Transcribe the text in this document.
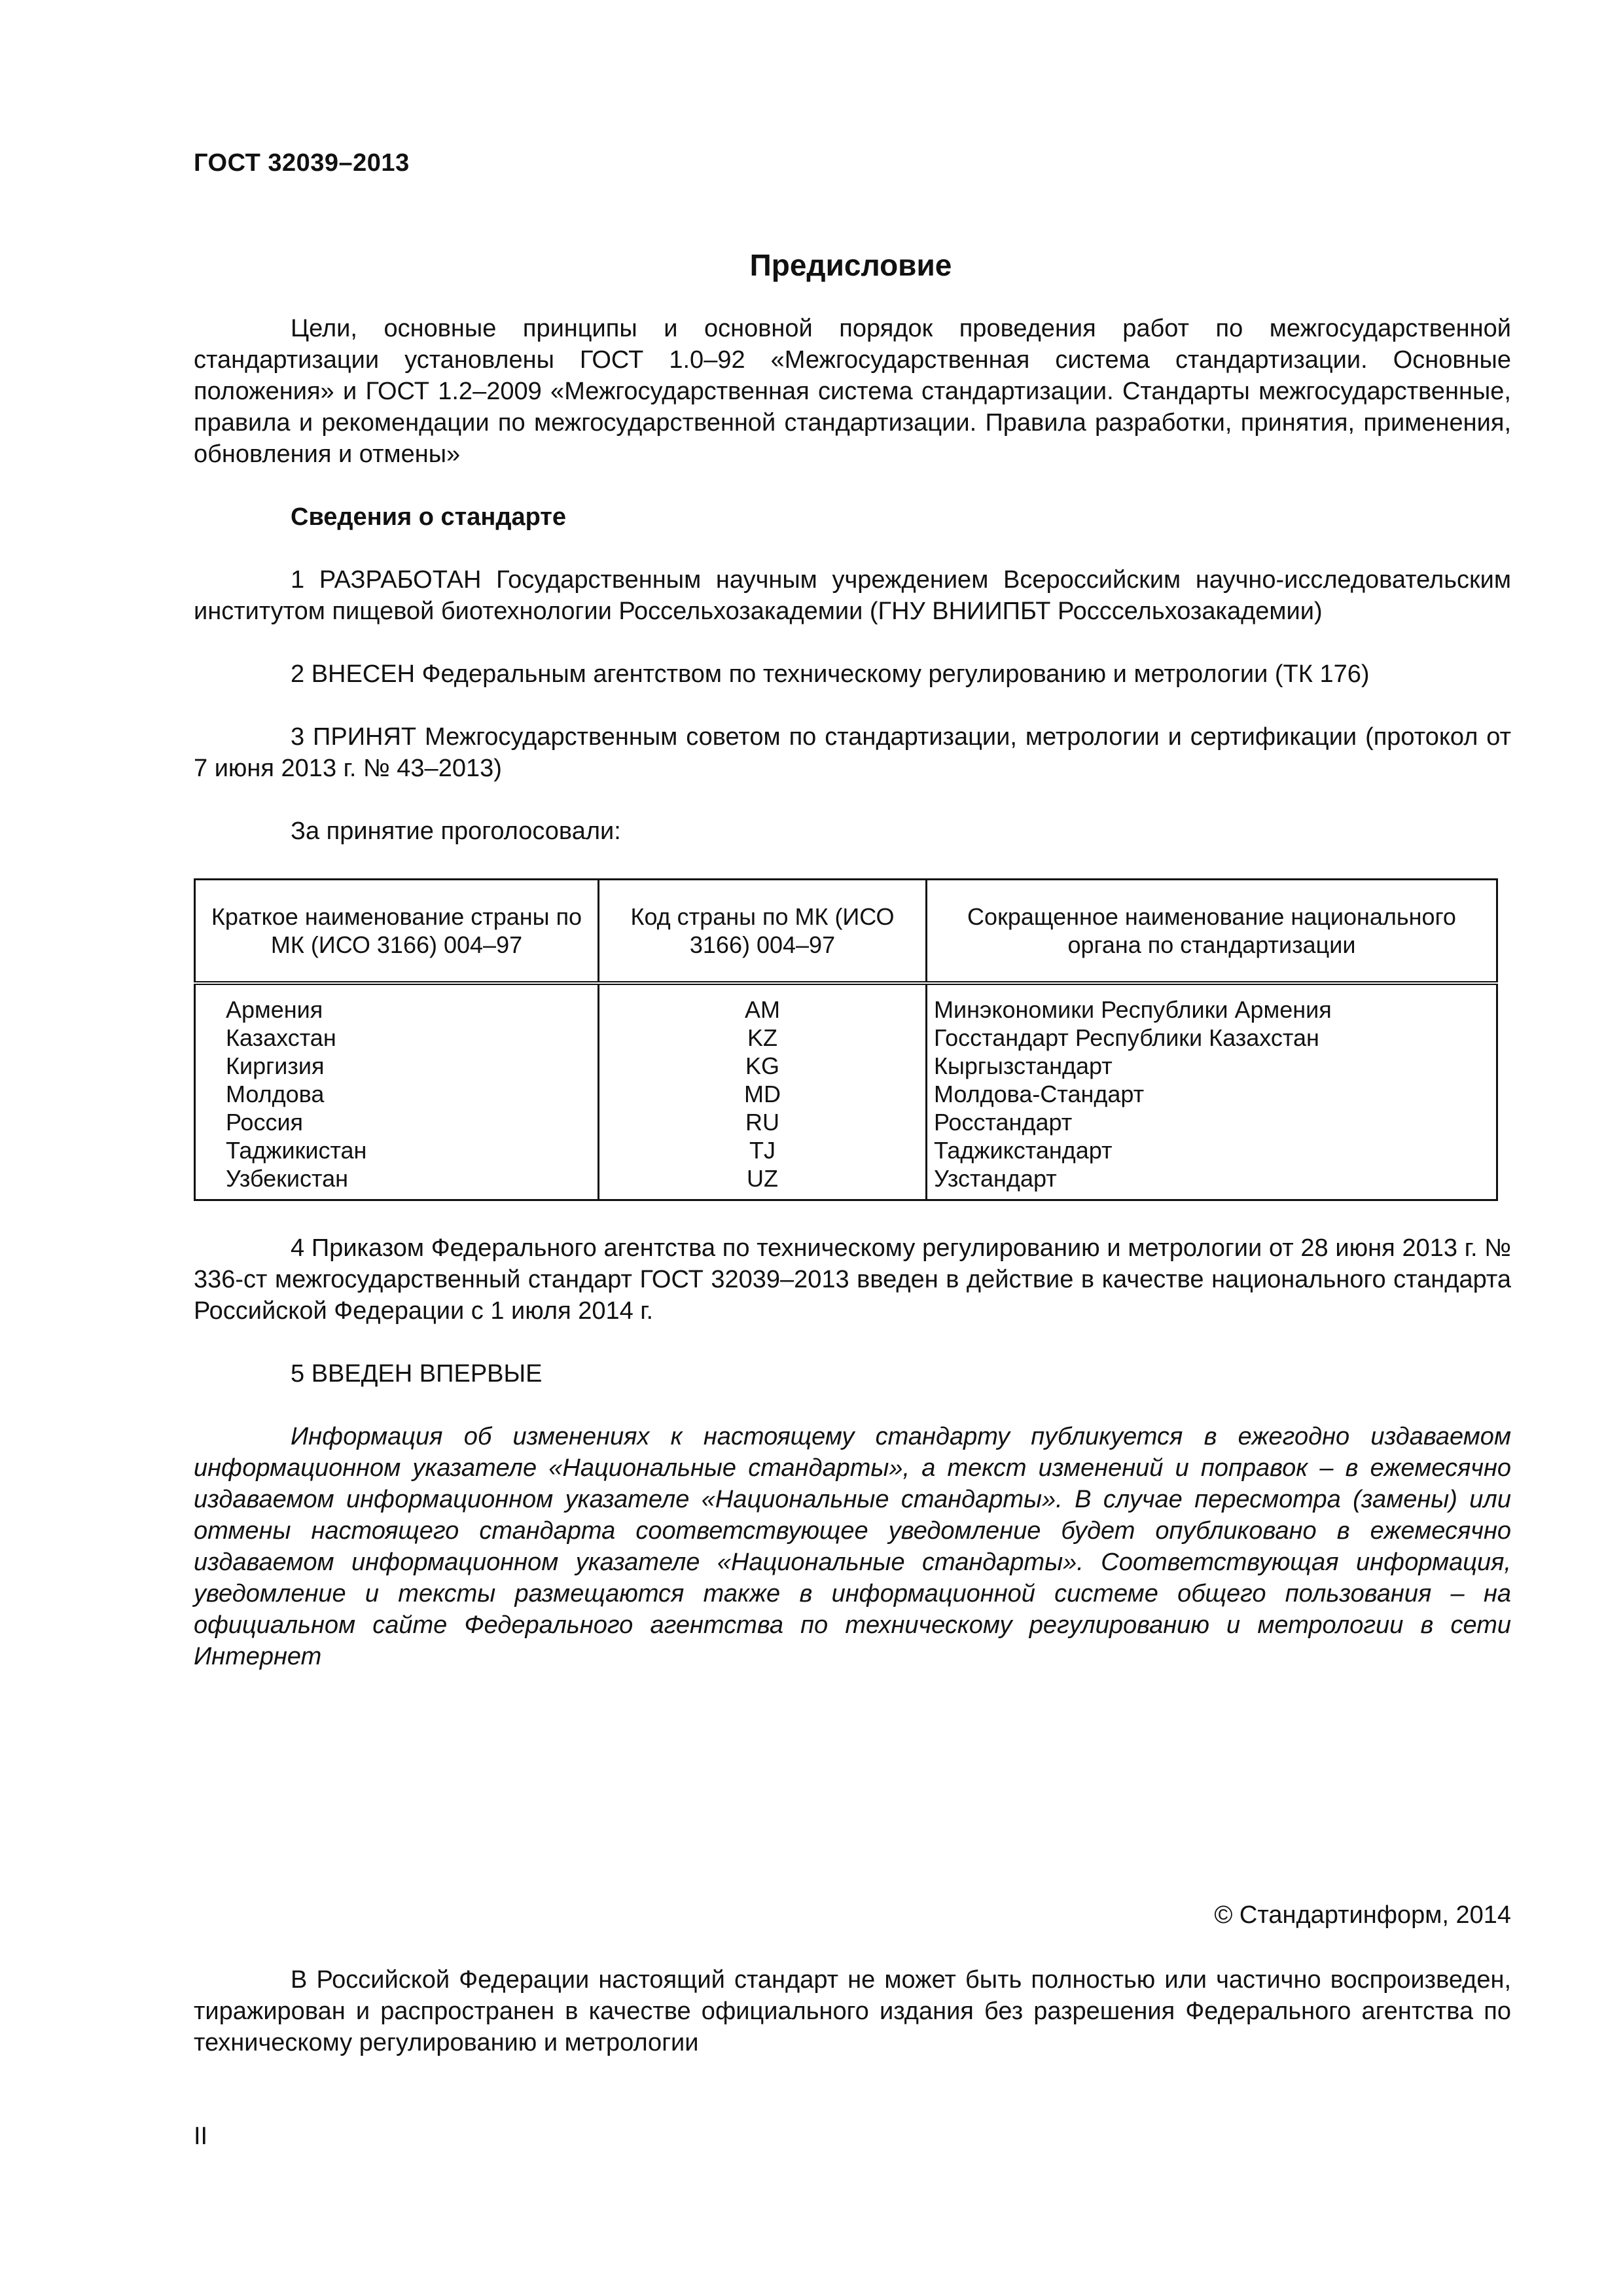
ГОСТ 32039–2013
Предисловие

Цели, основные принципы и основной порядок проведения работ по межгосударственной стандартизации установлены ГОСТ 1.0–92 «Межгосударственная система стандартизации. Основные положения» и ГОСТ 1.2–2009 «Межгосударственная система стандартизации. Стандарты межгосударственные, правила и рекомендации по межгосударственной стандартизации. Правила разработки, принятия, применения, обновления и отмены»

Сведения о стандарте

1 РАЗРАБОТАН Государственным научным учреждением Всероссийским научно-исследовательским институтом пищевой биотехнологии Россельхозакадемии (ГНУ ВНИИПБТ Россcельхозакадемии)

2 ВНЕСЕН Федеральным агентством по техническому регулированию и метрологии (ТК 176)

3 ПРИНЯТ Межгосударственным советом по стандартизации, метрологии и сертификации (протокол от 7 июня 2013 г. № 43–2013)

За принятие проголосовали:

Краткое наименование страны по МК (ИСО 3166) 004–97	Код страны по МК (ИСО 3166) 004–97	Сокращенное наименование национального органа по стандартизации
Армения	AM	Минэкономики Республики Армения
Казахстан	KZ	Госстандарт Республики Казахстан
Киргизия	KG	Кыргызстандарт
Молдова	MD	Молдова-Стандарт
Россия	RU	Росстандарт
Таджикистан	TJ	Таджикстандарт
Узбекистан	UZ	Узстандарт

4 Приказом Федерального агентства по техническому регулированию и метрологии от 28 июня 2013 г. № 336-ст межгосударственный стандарт ГОСТ 32039–2013 введен в действие в качестве национального стандарта Российской Федерации с 1 июля 2014 г.

5 ВВЕДЕН ВПЕРВЫЕ

Информация об изменениях к настоящему стандарту публикуется в ежегодно издаваемом информационном указателе «Национальные стандарты», а текст изменений и поправок – в ежемесячно издаваемом информационном указателе «Национальные стандарты». В случае пересмотра (замены) или отмены настоящего стандарта соответствующее уведомление будет опубликовано в ежемесячно издаваемом информационном указателе «Национальные стандарты». Соответствующая информация, уведомление и тексты размещаются также в информационной системе общего пользования – на официальном сайте Федерального агентства по техническому регулированию и метрологии в сети Интернет

© Стандартинформ, 2014

В Российской Федерации настоящий стандарт не может быть полностью или частично воспроизведен, тиражирован и распространен в качестве официального издания без разрешения Федерального агентства по техническому регулированию и метрологии

II
